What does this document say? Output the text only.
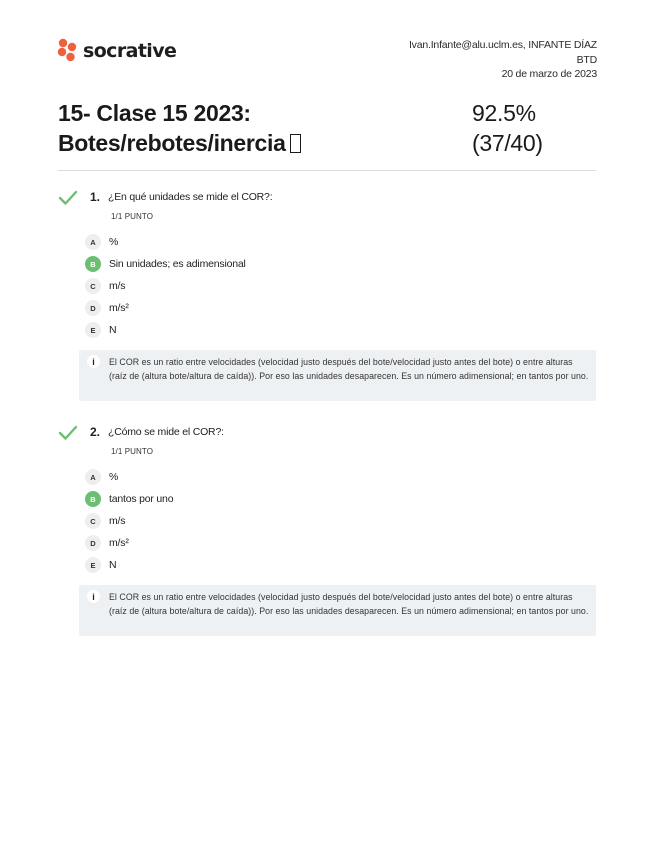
socrative	Ivan.Infante@alu.uclm.es, INFANTE DÍAZ
BTD
20 de marzo de 2023
15- Clase 15 2023:
Botes/rebotes/inercia
92.5%
(37/40)
1. ¿En qué unidades se mide el COR?:
1/1 PUNTO
A	%
B	Sin unidades; es adimensional
C	m/s
D	m/s²
E	N
i	El COR es un ratio entre velocidades (velocidad justo después del bote/velocidad justo antes del bote) o entre alturas (raíz de (altura bote/altura de caída)). Por eso las unidades desaparecen. Es un número adimensional; en tantos por uno.
2. ¿Cómo se mide el COR?:
1/1 PUNTO
A	%
B	tantos por uno
C	m/s
D	m/s²
E	N
i	El COR es un ratio entre velocidades (velocidad justo después del bote/velocidad justo antes del bote) o entre alturas (raíz de (altura bote/altura de caída)). Por eso las unidades desaparecen. Es un número adimensional; en tantos por uno.
